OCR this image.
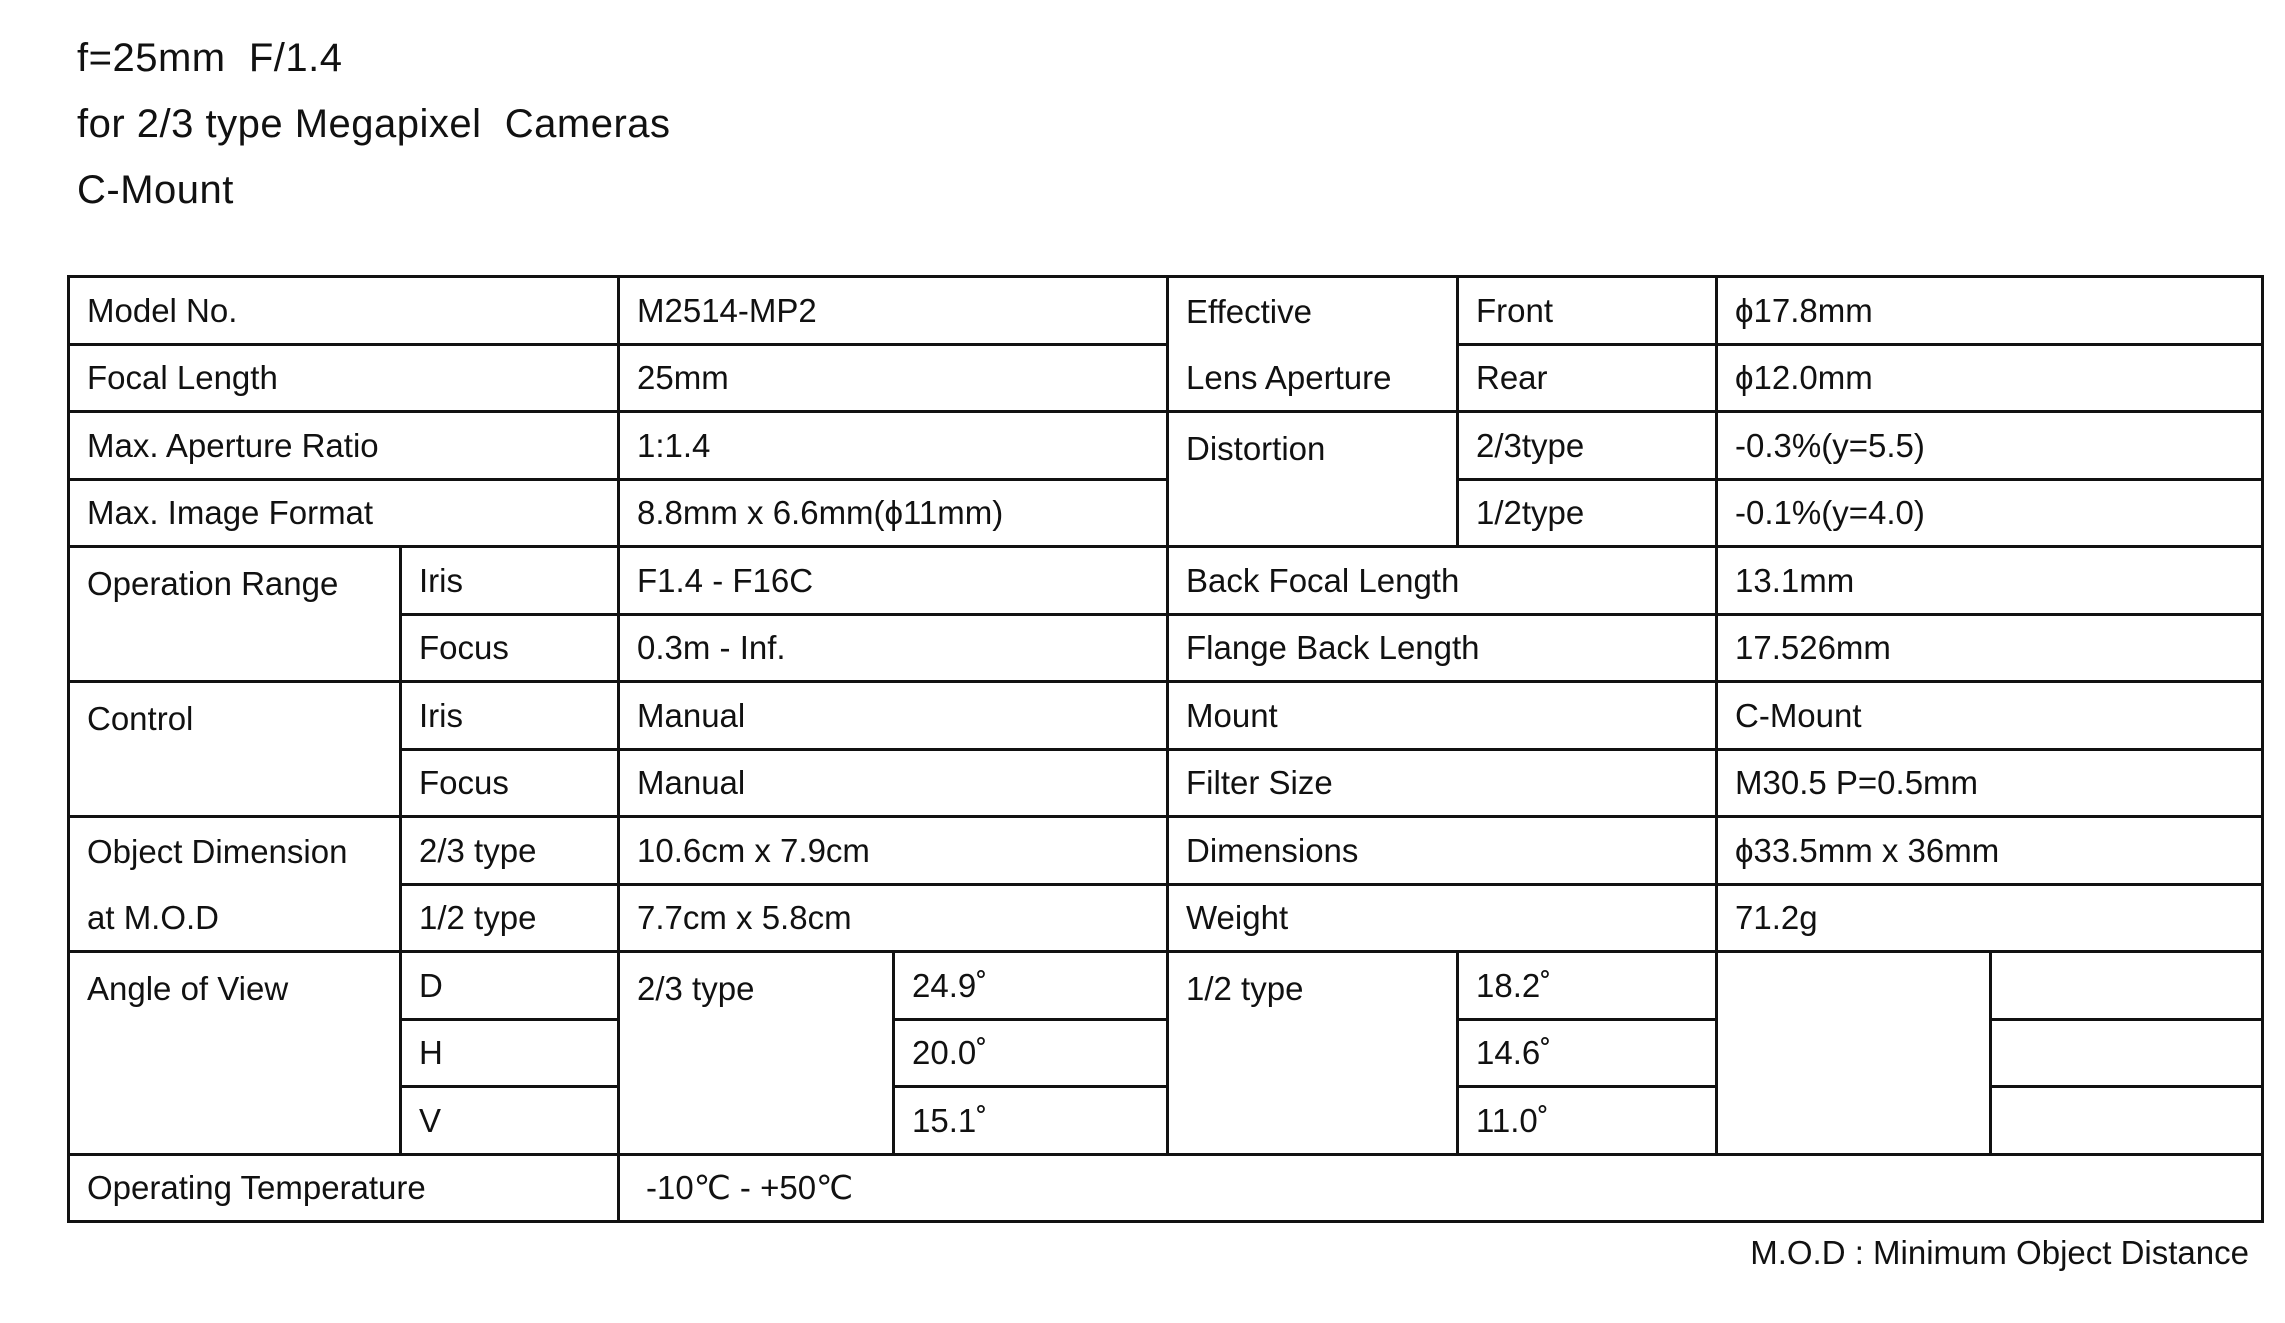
f=25mm  F/1.4
for 2/3 type Megapixel  Cameras
C-Mount
Model No.		M2514-MP2		Effective	Front	ϕ17.8mm	
Focal Length		25mm		Lens Aperture	Rear	ϕ12.0mm	
Max. Aperture Ratio		1:1.4		Distortion	2/3type	-0.3%(y=5.5)	
Max. Image Format		8.8mm x 6.6mm(ϕ11mm)			1/2type	-0.1%(y=4.0)	
Operation Range	Iris	F1.4 - F16C		Back Focal Length		13.1mm	
	Focus	0.3m - Inf.		Flange Back Length		17.526mm	
Control	Iris	Manual		Mount		C-Mount	
	Focus	Manual		Filter Size		M30.5 P=0.5mm	
Object Dimension	2/3 type	10.6cm x 7.9cm		Dimensions		ϕ33.5mm x 36mm	
at M.O.D	1/2 type	7.7cm x 5.8cm		Weight		71.2g	
Angle of View	D	2/3 type	24.9˚	1/2 type	18.2˚		
	H		20.0˚		14.6˚		
	V		15.1˚		11.0˚		
Operating Temperature		-10℃ - +50℃					
M.O.D : Minimum Object Distance
